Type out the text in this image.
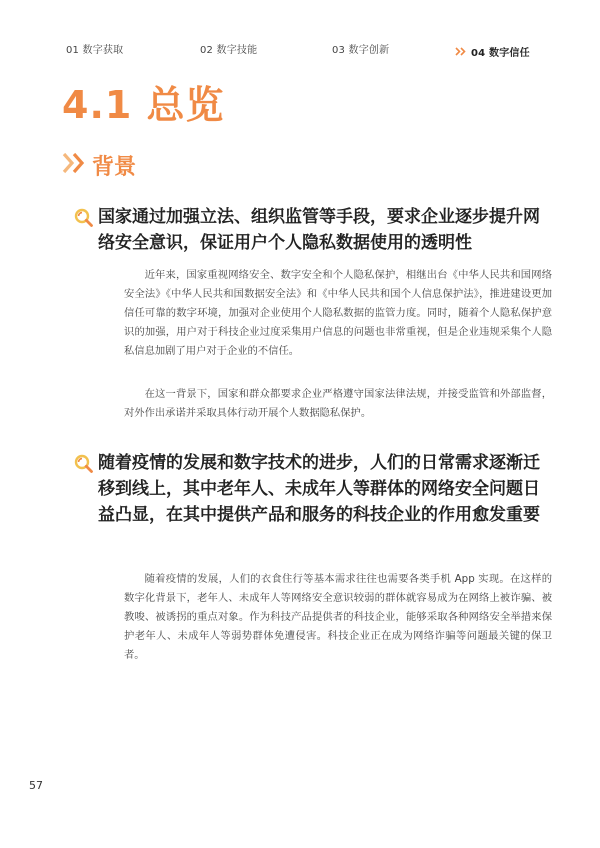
01 数字获取	02 数字技能	03 数字创新	04 数字信任
4.1 总览
背景
国家通过加强立法、组织监管等手段，要求企业逐步提升网络安全意识，保证用户个人隐私数据使用的透明性

近年来，国家重视网络安全、数字安全和个人隐私保护，相继出台《中华人民共和国网络安全法》《中华人民共和国数据安全法》和《中华人民共和国个人信息保护法》，推进建设更加信任可靠的数字环境，加强对企业使用个人隐私数据的监管力度。同时，随着个人隐私保护意识的加强，用户对于科技企业过度采集用户信息的问题也非常重视，但是企业违规采集个人隐私信息加剧了用户对于企业的不信任。

在这一背景下，国家和群众都要求企业严格遵守国家法律法规，并接受监管和外部监督，对外作出承诺并采取具体行动开展个人数据隐私保护。

随着疫情的发展和数字技术的进步，人们的日常需求逐渐迁移到线上，其中老年人、未成年人等群体的网络安全问题日益凸显，在其中提供产品和服务的科技企业的作用愈发重要

随着疫情的发展，人们的衣食住行等基本需求往往也需要各类手机 App 实现。在这样的数字化背景下，老年人、未成年人等网络安全意识较弱的群体就容易成为在网络上被诈骗、被教唆、被诱拐的重点对象。作为科技产品提供者的科技企业，能够采取各种网络安全举措来保护老年人、未成年人等弱势群体免遭侵害。科技企业正在成为网络诈骗等问题最关键的保卫者。

57
